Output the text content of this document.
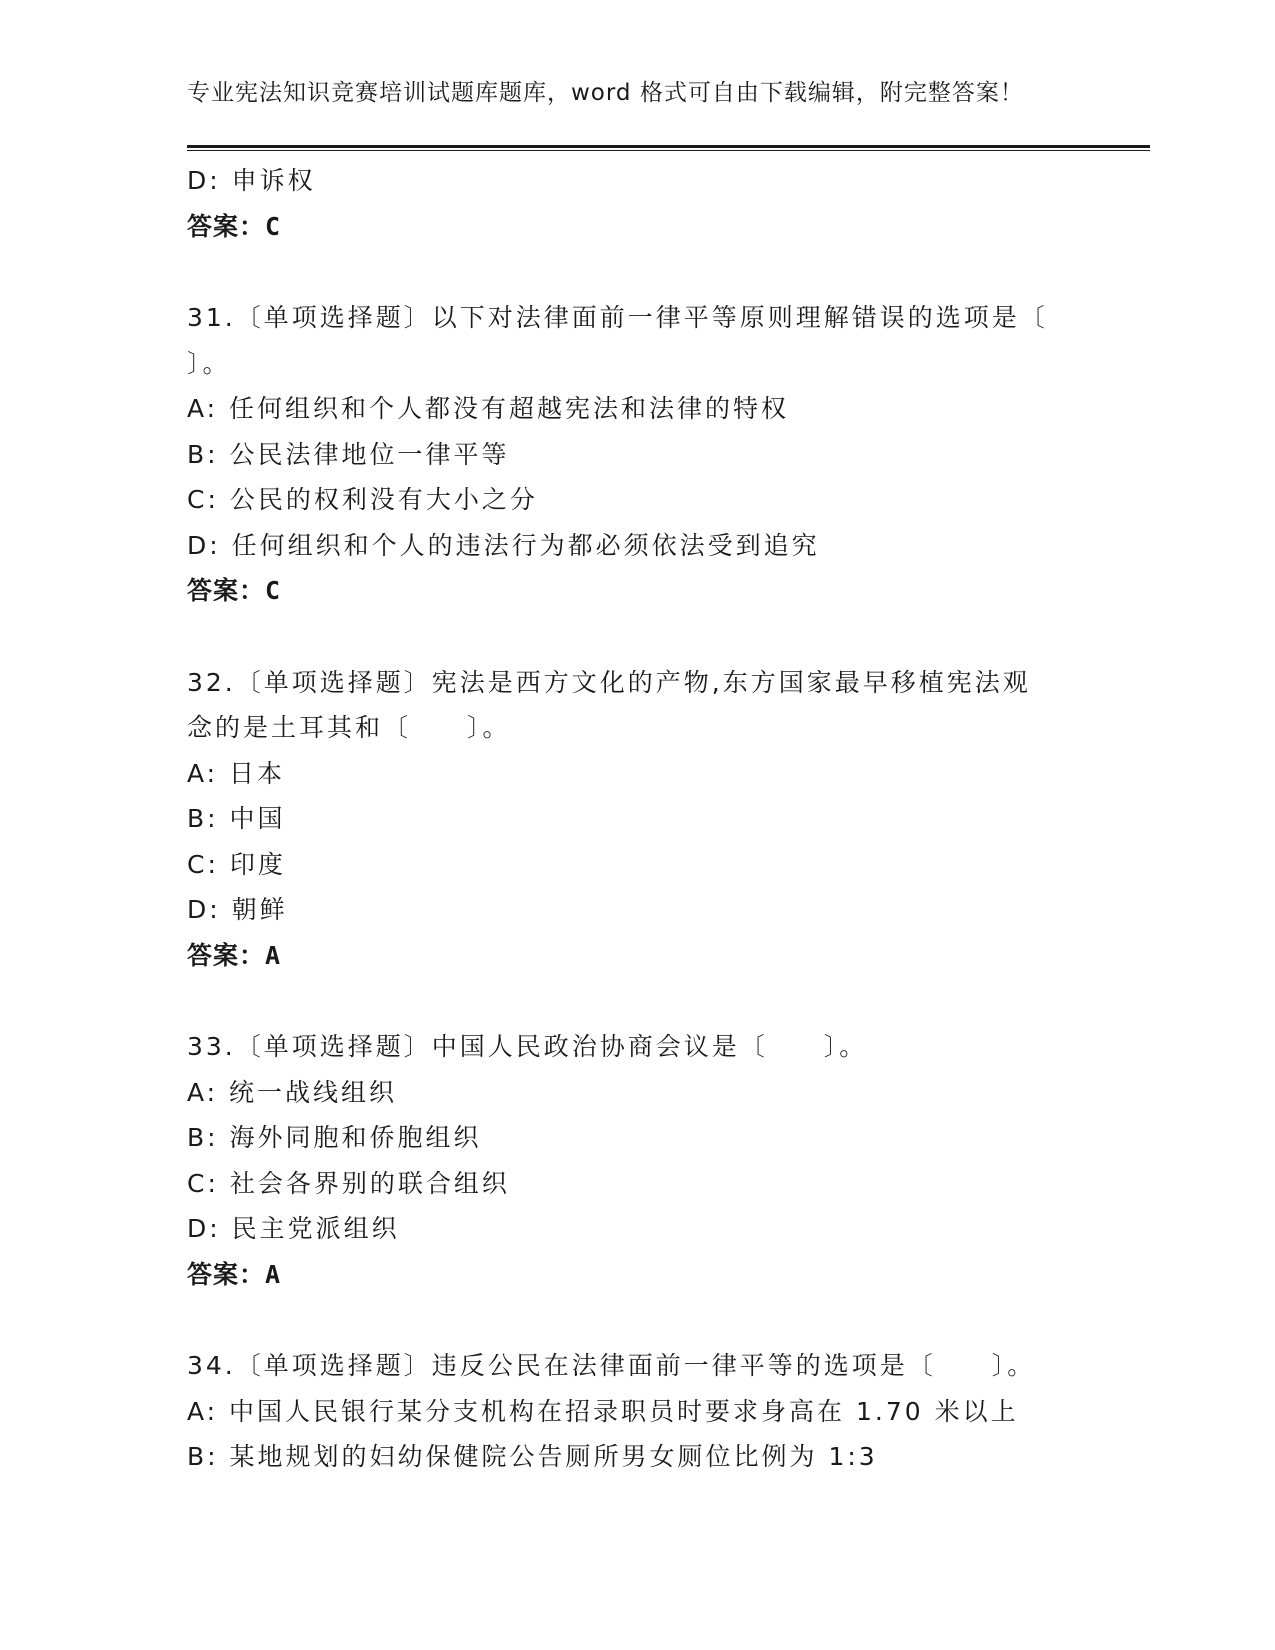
专业宪法知识竞赛培训试题库题库，word 格式可自由下载编辑，附完整答案！
D: 申诉权
答案：C
31.〔单项选择题〕以下对法律面前一律平等原则理解错误的选项是〔
〕。
A: 任何组织和个人都没有超越宪法和法律的特权
B: 公民法律地位一律平等
C: 公民的权利没有大小之分
D: 任何组织和个人的违法行为都必须依法受到追究
答案：C
32.〔单项选择题〕宪法是西方文化的产物,东方国家最早移植宪法观
念的是土耳其和〔　　〕。
A: 日本
B: 中国
C: 印度
D: 朝鲜
答案：A
33.〔单项选择题〕中国人民政治协商会议是〔　　〕。
A: 统一战线组织
B: 海外同胞和侨胞组织
C: 社会各界别的联合组织
D: 民主党派组织
答案：A
34.〔单项选择题〕违反公民在法律面前一律平等的选项是〔　　〕。
A: 中国人民银行某分支机构在招录职员时要求身高在 1.70 米以上
B: 某地规划的妇幼保健院公告厕所男女厕位比例为 1:3
